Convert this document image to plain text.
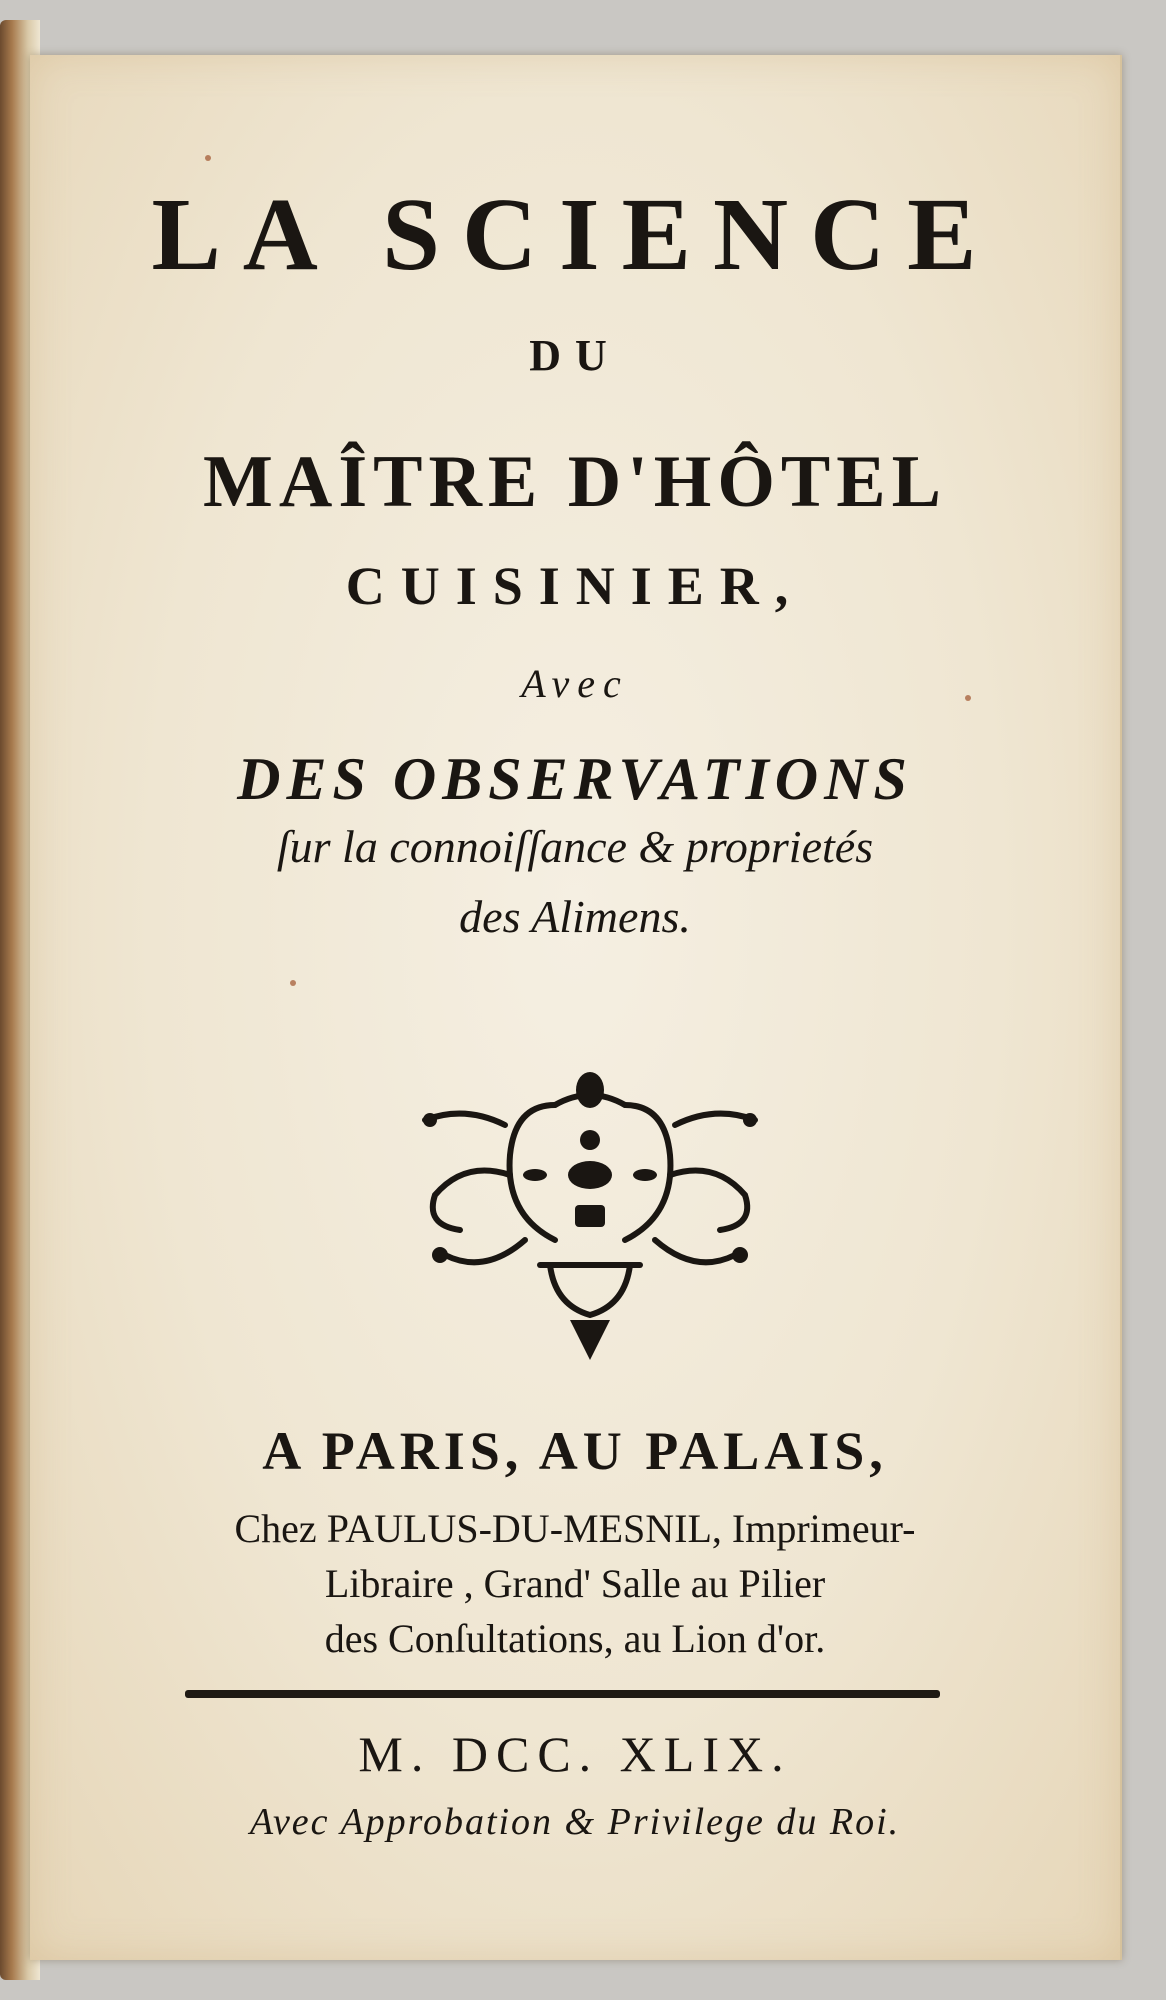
LA SCIENCE
DU
MAÎTRE D'HÔTEL
CUISINIER,
Avec
DES OBSERVATIONS
ſur la connoiſſance & proprietés
des Alimens.
A PARIS, AU PALAIS,
Chez PAULUS-DU-MESNIL, Imprimeur-
Libraire , Grand' Salle au Pilier
des Conſultations, au Lion d'or.
M. DCC. XLIX.
Avec Approbation & Privilege du Roi.
